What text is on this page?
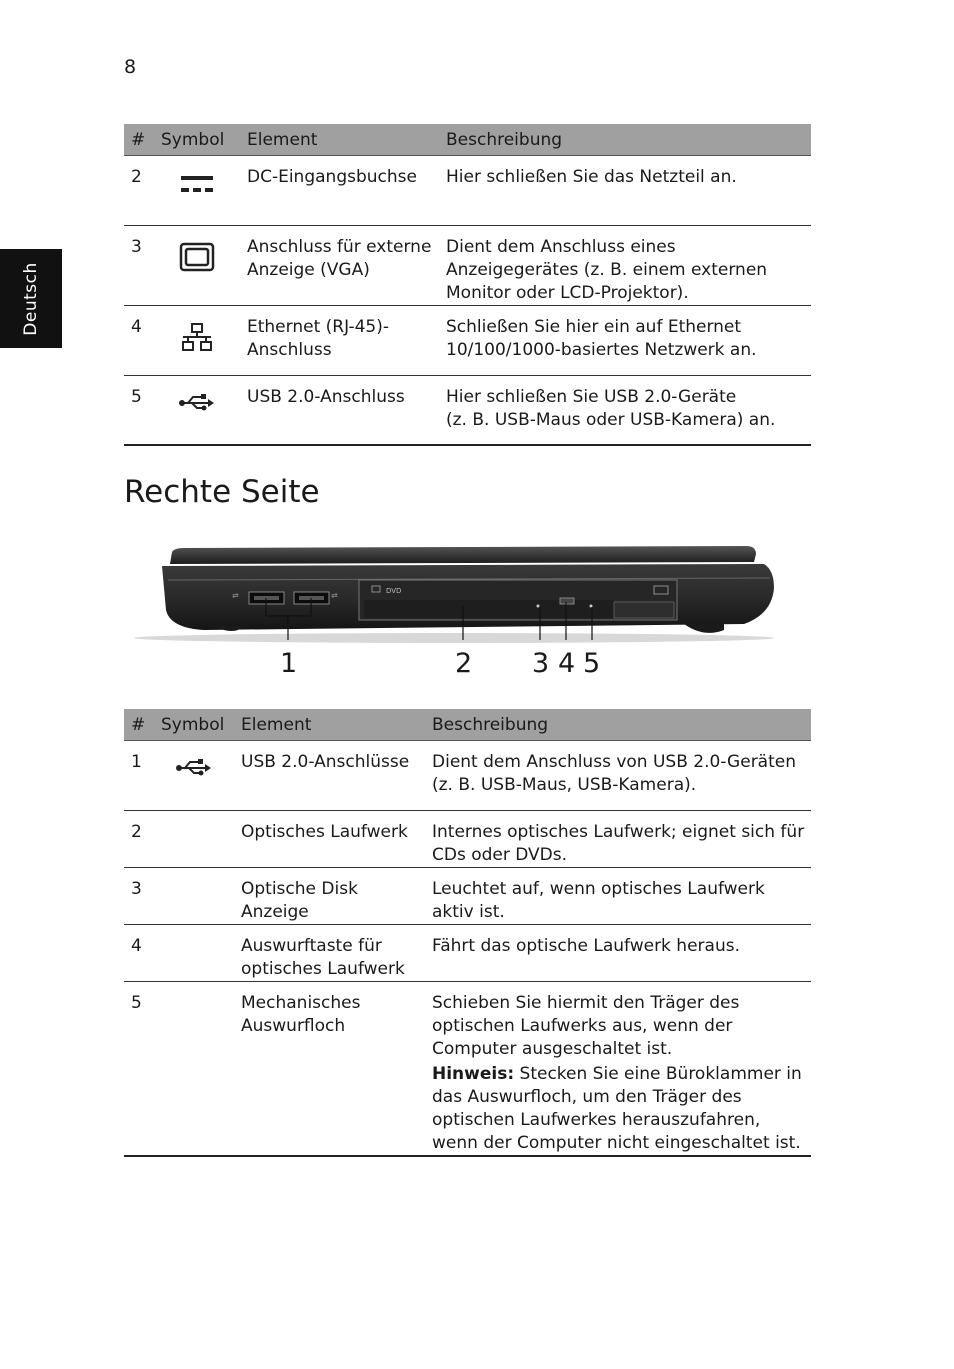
8
Deutsch
#	Symbol	Element	Beschreibung
2		DC-Eingangsbuchse	Hier schließen Sie das Netzteil an.
3		Anschluss für externe Anzeige (VGA)	Dient dem Anschluss eines Anzeigegerätes (z. B. einem externen Monitor oder LCD-Projektor).
4		Ethernet (RJ-45)-Anschluss	Schließen Sie hier ein auf Ethernet 10/100/1000-basiertes Netzwerk an.
5		USB 2.0-Anschluss	Hier schließen Sie USB 2.0-Geräte
(z. B. USB-Maus oder USB-Kamera) an.
Rechte Seite
⇌	⇌	DVD
1	2 3 4 5
#	Symbol	Element	Beschreibung
1		USB 2.0-Anschlüsse	Dient dem Anschluss von USB 2.0-Geräten (z. B. USB-Maus, USB-Kamera).
2		Optisches Laufwerk	Internes optisches Laufwerk; eignet sich für CDs oder DVDs.
3		Optische Disk Anzeige	Leuchtet auf, wenn optisches Laufwerk aktiv ist.
4		Auswurftaste für optisches Laufwerk	Fährt das optische Laufwerk heraus.
5		Mechanisches Auswurfloch	Schieben Sie hiermit den Träger des optischen Laufwerks aus, wenn der Computer ausgeschaltet ist.
Hinweis: Stecken Sie eine Büroklammer in das Auswurfloch, um den Träger des optischen Laufwerkes herauszufahren, wenn der Computer nicht eingeschaltet ist.
